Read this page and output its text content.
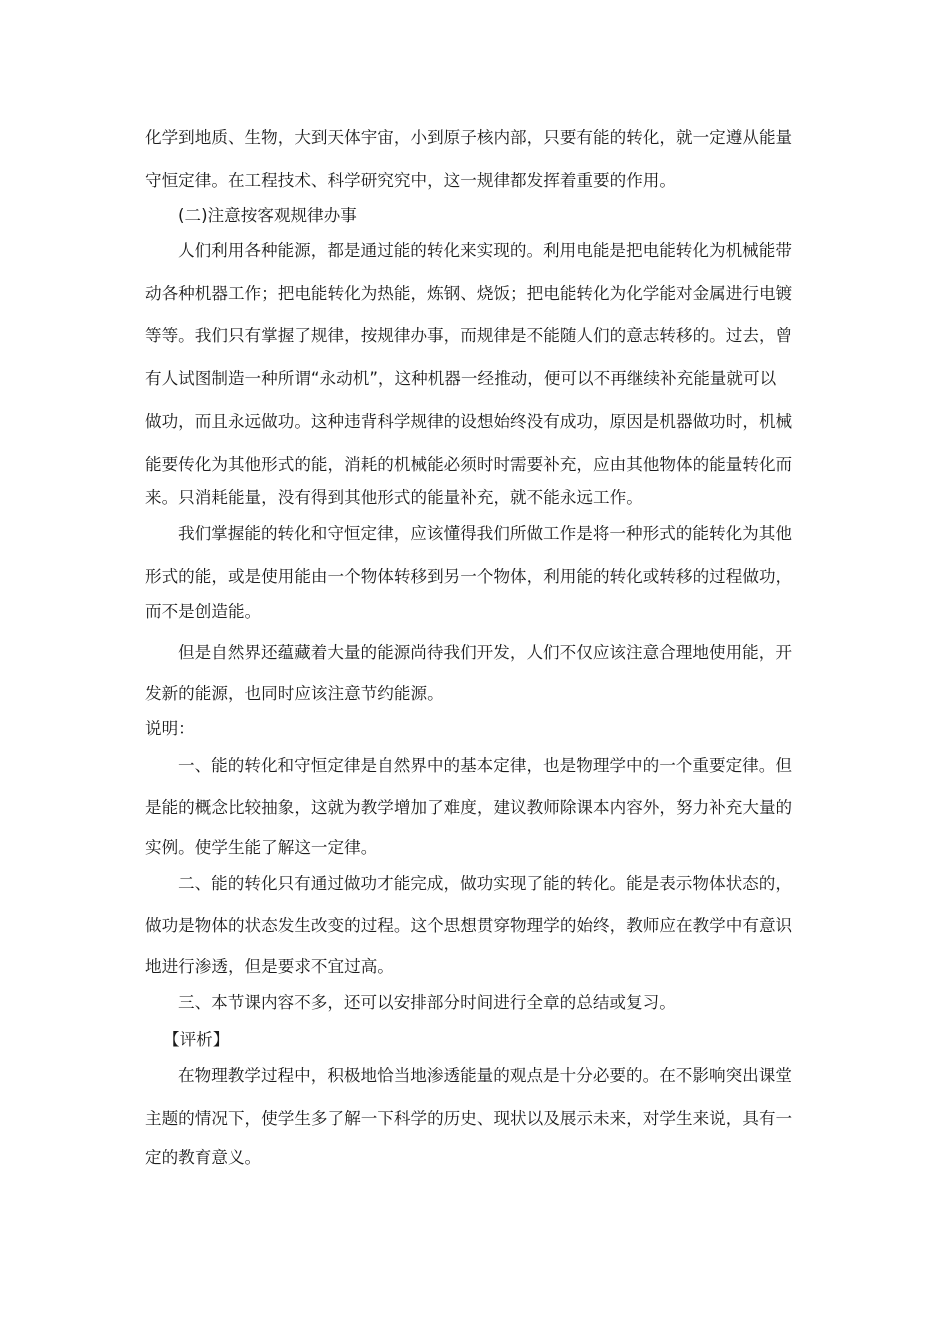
化学到地质、生物，大到天体宇宙，小到原子核内部，只要有能的转化，就一定遵从能量
守恒定律。在工程技术、科学研究究中，这一规律都发挥着重要的作用。
(二)注意按客观规律办事
人们利用各种能源，都是通过能的转化来实现的。利用电能是把电能转化为机械能带
动各种机器工作；把电能转化为热能，炼钢、烧饭；把电能转化为化学能对金属进行电镀
等等。我们只有掌握了规律，按规律办事，而规律是不能随人们的意志转移的。过去，曾
有人试图制造一种所谓“永动机”，这种机器一经推动，便可以不再继续补充能量就可以
做功，而且永远做功。这种违背科学规律的设想始终没有成功，原因是机器做功时，机械
能要传化为其他形式的能，消耗的机械能必须时时需要补充，应由其他物体的能量转化而
来。只消耗能量，没有得到其他形式的能量补充，就不能永远工作。
我们掌握能的转化和守恒定律，应该懂得我们所做工作是将一种形式的能转化为其他
形式的能，或是使用能由一个物体转移到另一个物体，利用能的转化或转移的过程做功，
而不是创造能。
但是自然界还蕴藏着大量的能源尚待我们开发，人们不仅应该注意合理地使用能，开
发新的能源，也同时应该注意节约能源。
说明：
一、能的转化和守恒定律是自然界中的基本定律，也是物理学中的一个重要定律。但
是能的概念比较抽象，这就为教学增加了难度，建议教师除课本内容外，努力补充大量的
实例。使学生能了解这一定律。
二、能的转化只有通过做功才能完成，做功实现了能的转化。能是表示物体状态的，
做功是物体的状态发生改变的过程。这个思想贯穿物理学的始终，教师应在教学中有意识
地进行渗透，但是要求不宜过高。
三、本节课内容不多，还可以安排部分时间进行全章的总结或复习。
【评析】
在物理教学过程中，积极地恰当地渗透能量的观点是十分必要的。在不影响突出课堂
主题的情况下，使学生多了解一下科学的历史、现状以及展示未来，对学生来说，具有一
定的教育意义。
